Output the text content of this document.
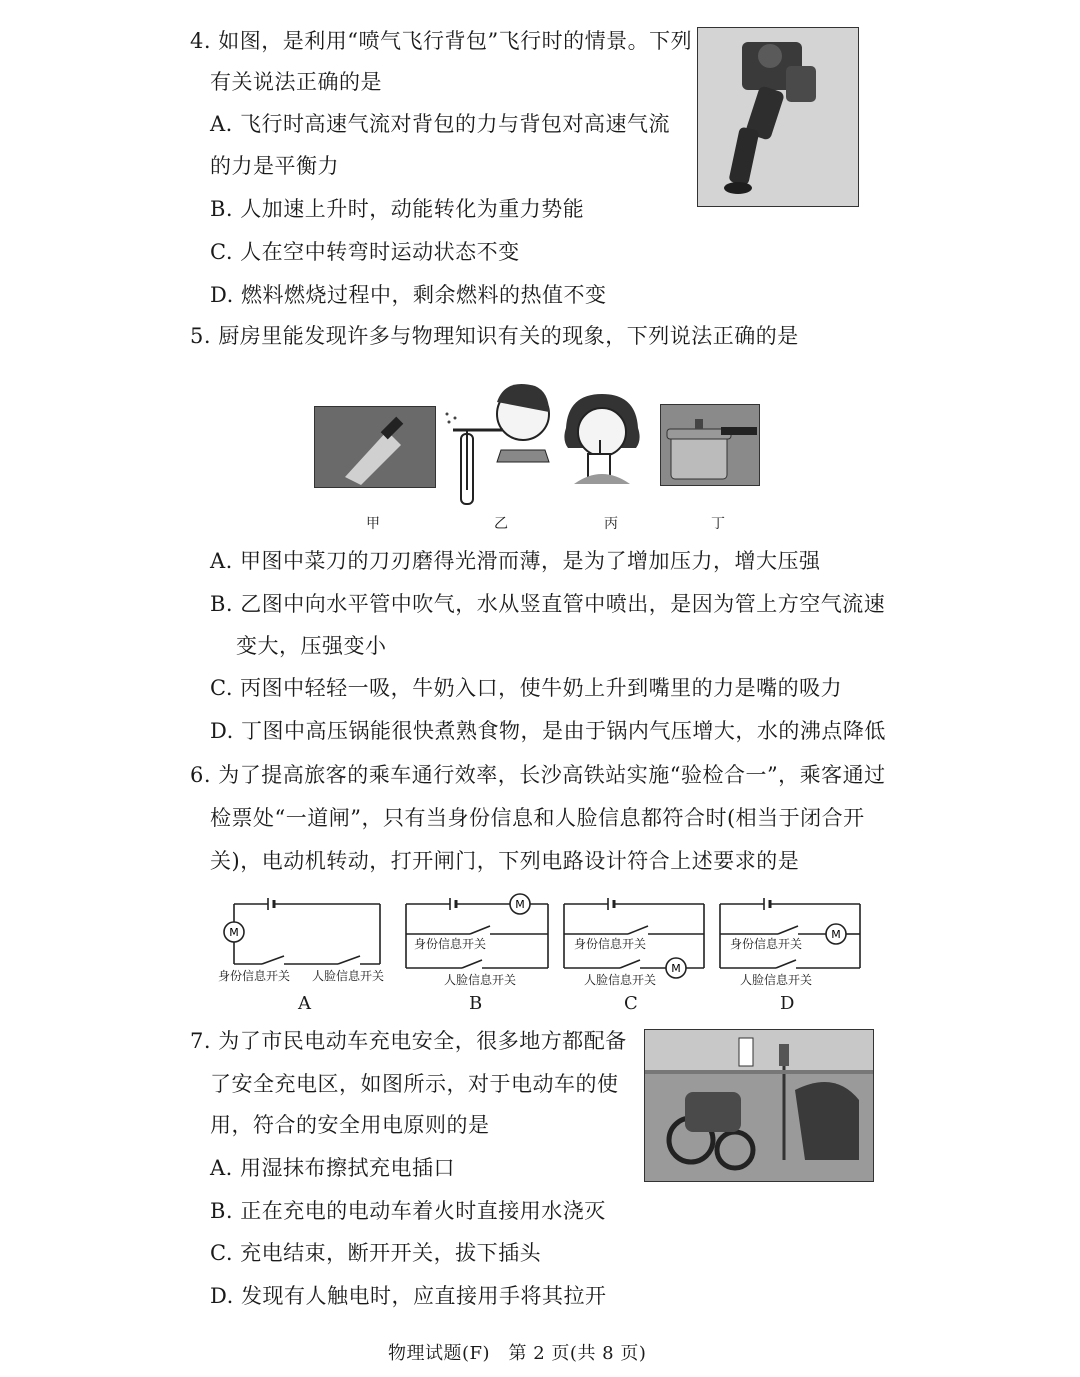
4. 如图，是利用“喷气飞行背包”飞行时的情景。下列
有关说法正确的是
A. 飞行时高速气流对背包的力与背包对高速气流
的力是平衡力
B. 人加速上升时，动能转化为重力势能
C. 人在空中转弯时运动状态不变
D. 燃料燃烧过程中，剩余燃料的热值不变
5. 厨房里能发现许多与物理知识有关的现象，下列说法正确的是
甲	乙	丙	丁
A. 甲图中菜刀的刀刃磨得光滑而薄，是为了增加压力，增大压强
B. 乙图中向水平管中吹气，水从竖直管中喷出，是因为管上方空气流速
变大，压强变小
C. 丙图中轻轻一吸，牛奶入口，使牛奶上升到嘴里的力是嘴的吸力
D. 丁图中高压锅能很快煮熟食物，是由于锅内气压增大，水的沸点降低
6. 为了提高旅客的乘车通行效率，长沙高铁站实施“验检合一”，乘客通过
检票处“一道闸”，只有当身份信息和人脸信息都符合时(相当于闭合开
关)，电动机转动，打开闸门，下列电路设计符合上述要求的是
M
身份信息开关 人脸信息开关
A
M
身份信息开关
人脸信息开关
B
M
身份信息开关
人脸信息开关
C
M
身份信息开关
人脸信息开关
D
7. 为了市民电动车充电安全，很多地方都配备
了安全充电区，如图所示，对于电动车的使
用，符合的安全用电原则的是
A. 用湿抹布擦拭充电插口
B. 正在充电的电动车着火时直接用水浇灭
C. 充电结束，断开开关，拔下插头
D. 发现有人触电时，应直接用手将其拉开
物理试题(F)　第 2 页(共 8 页)
